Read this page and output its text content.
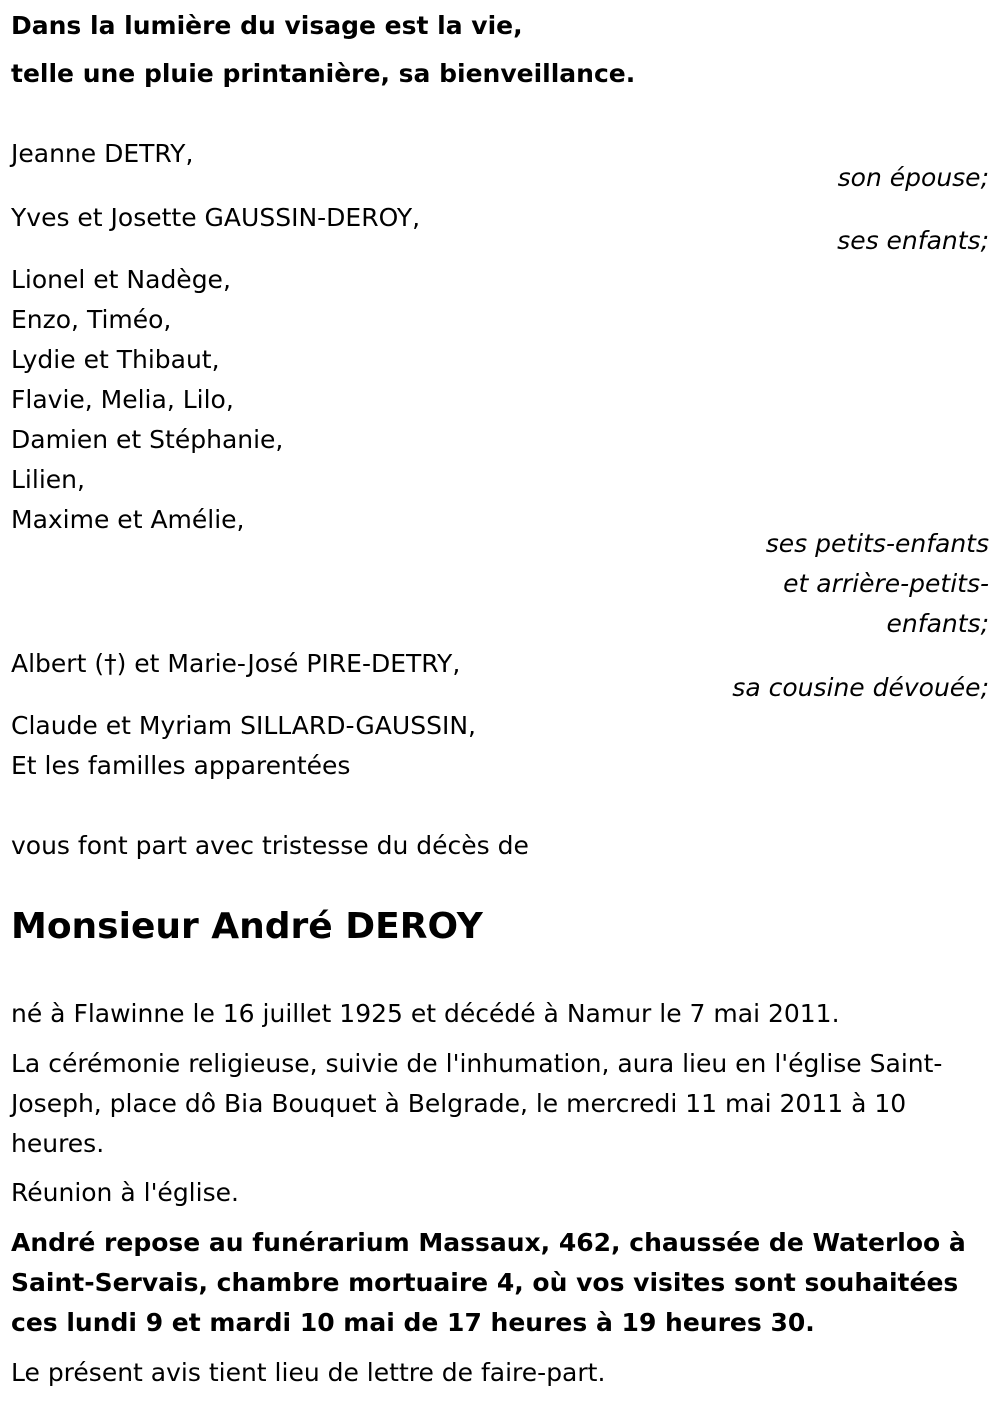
Dans la lumière du visage est la vie,
telle une pluie printanière, sa bienveillance.
Jeanne DETRY,
son épouse;
Yves et Josette GAUSSIN-DEROY,
ses enfants;
Lionel et Nadège,
Enzo, Timéo,
Lydie et Thibaut,
Flavie, Melia, Lilo,
Damien et Stéphanie,
Lilien,
Maxime et Amélie,
ses petits-enfants
et arrière-petits-
enfants;
Albert (†) et Marie-José PIRE-DETRY,
sa cousine dévouée;
Claude et Myriam SILLARD-GAUSSIN,
Et les familles apparentées
vous font part avec tristesse du décès de
Monsieur André DEROY
né à Flawinne le 16 juillet 1925 et décédé à Namur le 7 mai 2011.
La cérémonie religieuse, suivie de l'inhumation, aura lieu en l'église Saint-
Joseph, place dô Bia Bouquet à Belgrade, le mercredi 11 mai 2011 à 10
heures.
Réunion à l'église.
André repose au funérarium Massaux, 462, chaussée de Waterloo à
Saint-Servais, chambre mortuaire 4, où vos visites sont souhaitées
ces lundi 9 et mardi 10 mai de 17 heures à 19 heures 30.
Le présent avis tient lieu de lettre de faire-part.
